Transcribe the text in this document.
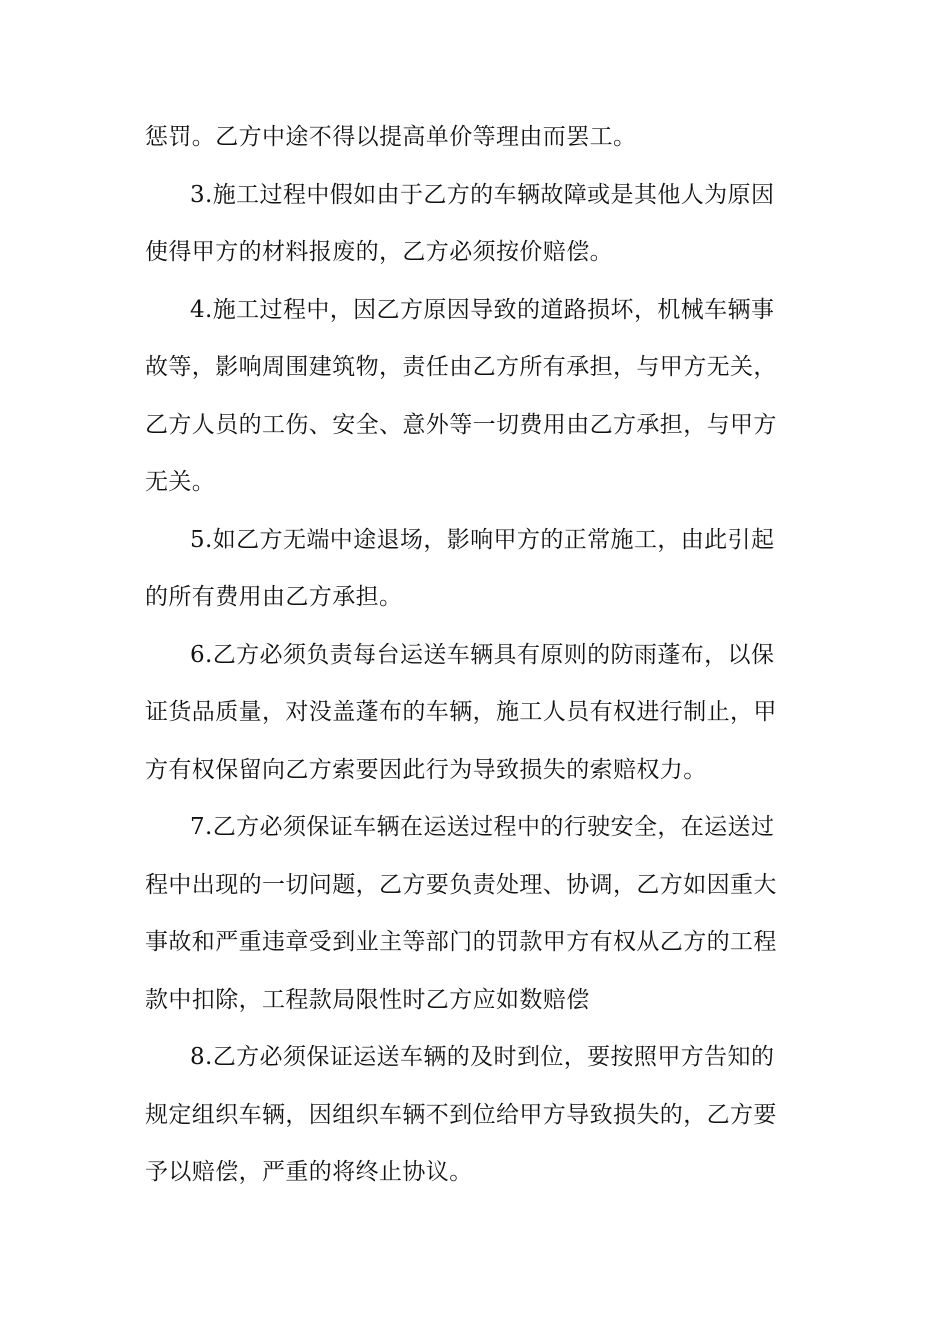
惩罚。乙方中途不得以提高单价等理由而罢工。
3.施工过程中假如由于乙方的车辆故障或是其他人为原因
使得甲方的材料报废的，乙方必须按价赔偿。
4.施工过程中，因乙方原因导致的道路损坏，机械车辆事
故等，影响周围建筑物，责任由乙方所有承担，与甲方无关，
乙方人员的工伤、安全、意外等一切费用由乙方承担，与甲方
无关。
5.如乙方无端中途退场，影响甲方的正常施工，由此引起
的所有费用由乙方承担。
6.乙方必须负责每台运送车辆具有原则的防雨蓬布，以保
证货品质量，对没盖蓬布的车辆，施工人员有权进行制止，甲
方有权保留向乙方索要因此行为导致损失的索赔权力。
7.乙方必须保证车辆在运送过程中的行驶安全，在运送过
程中出现的一切问题，乙方要负责处理、协调，乙方如因重大
事故和严重违章受到业主等部门的罚款甲方有权从乙方的工程
款中扣除，工程款局限性时乙方应如数赔偿
8.乙方必须保证运送车辆的及时到位，要按照甲方告知的
规定组织车辆，因组织车辆不到位给甲方导致损失的，乙方要
予以赔偿，严重的将终止协议。
